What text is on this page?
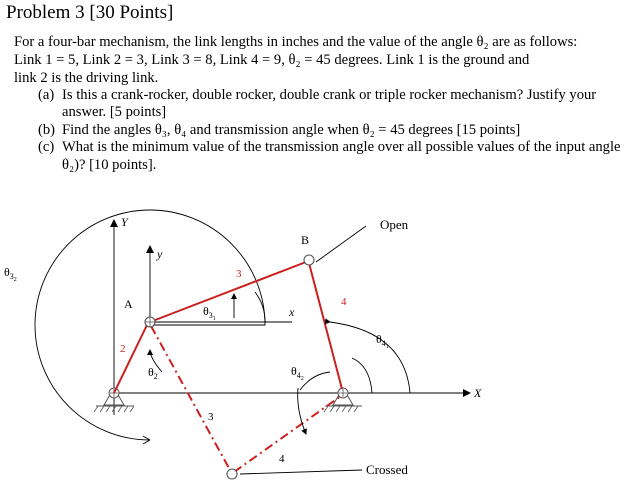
Problem 3 [30 Points]
For a four-bar mechanism, the link lengths in inches and the value of the angle θ₂ are as follows:
Link 1 = 5, Link 2 = 3, Link 3 = 8, Link 4 = 9, θ₂ = 45 degrees. Link 1 is the ground and
link 2 is the driving link.
(a) Is this a crank-rocker, double rocker, double crank or triple rocker mechanism? Justify your
answer. [5 points]
(b) Find the angles θ₃, θ₄ and transmission angle when θ₂ = 45 degrees [15 points]
(c) What is the minimum value of the transmission angle over all possible values of the input angle
θ₂)? [10 points].
Open
Crossed
A
B
Y
y
X
x
2
3
4
3
4
$\theta_2$
$\theta_31$
$\theta_32$
$\theta_41$
$\theta_42$
